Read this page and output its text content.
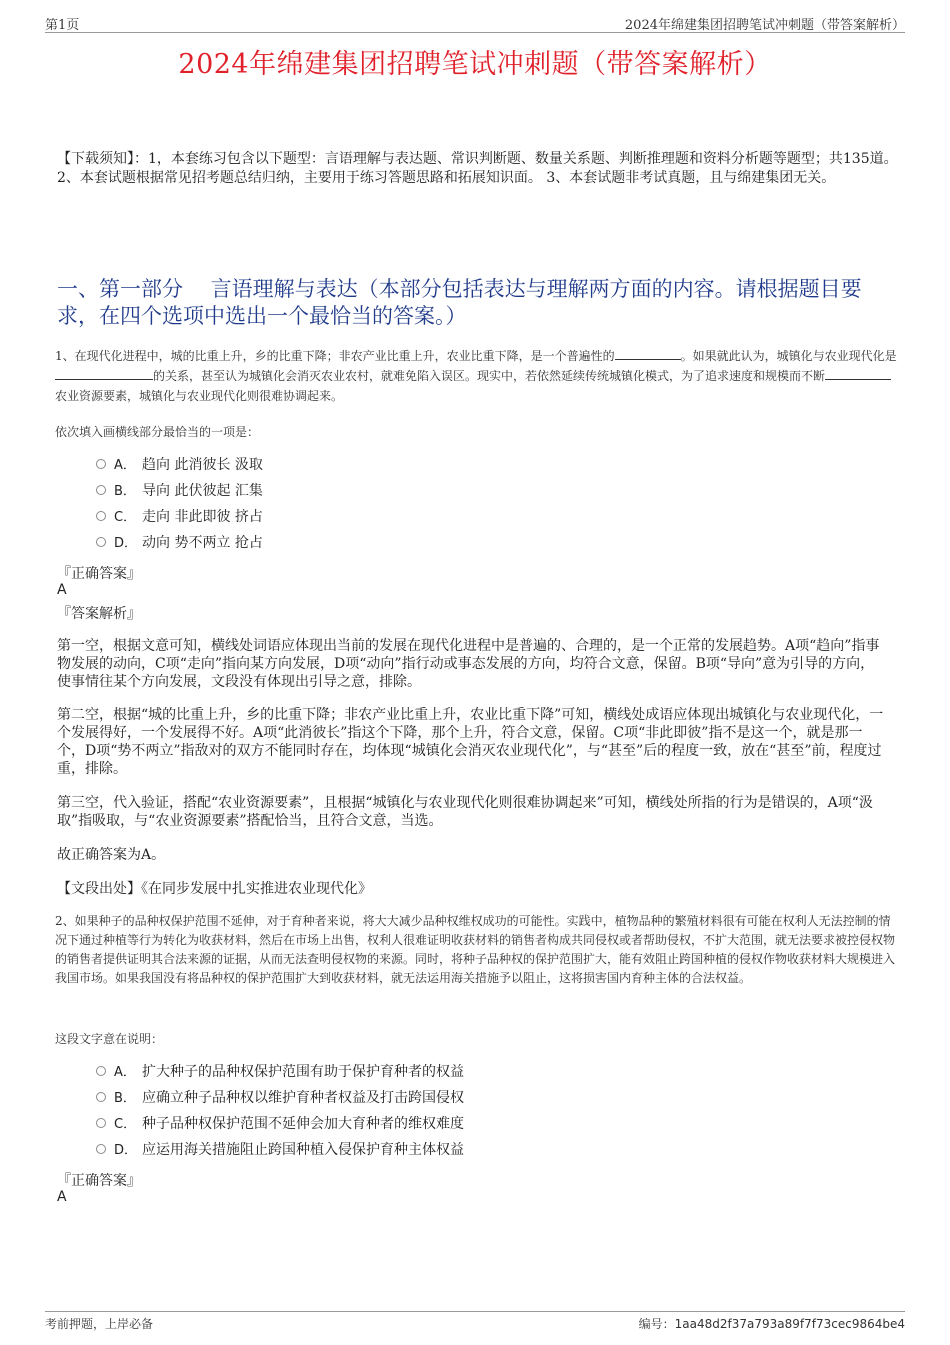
第1页	2024年绵建集团招聘笔试冲刺题（带答案解析）
2024年绵建集团招聘笔试冲刺题（带答案解析）
【下载须知】：1，本套练习包含以下题型：言语理解与表达题、常识判断题、数量关系题、判断推理题和资料分析题等题型；共135道。 2、本套试题根据常见招考题总结归纳，主要用于练习答题思路和拓展知识面。 3、本套试题非考试真题，且与绵建集团无关。
一、第一部分　 言语理解与表达（本部分包括表达与理解两方面的内容。请根据题目要求，在四个选项中选出一个最恰当的答案。）
1、在现代化进程中，城的比重上升，乡的比重下降；非农产业比重上升，农业比重下降，是一个普遍性的	。如果就此认为，城镇化与农业现代化是的关系，甚至认为城镇化会消灭农业农村，就难免陷入误区。现实中，若依然延续传统城镇化模式，为了追求速度和规模而不断农业资源要素，城镇化与农业现代化则很难协调起来。
依次填入画横线部分最恰当的一项是：
A． 趋向 此消彼长 汲取
B． 导向 此伏彼起 汇集
C． 走向 非此即彼 挤占
D． 动向 势不两立 抢占
『正确答案』
A
『答案解析』
第一空，根据文意可知，横线处词语应体现出当前的发展在现代化进程中是普遍的、合理的，是一个正常的发展趋势。A项“趋向”指事物发展的动向，C项“走向”指向某方向发展，D项“动向”指行动或事态发展的方向，均符合文意，保留。B项“导向”意为引导的方向，使事情往某个方向发展，文段没有体现出引导之意，排除。
第二空，根据“城的比重上升，乡的比重下降；非农产业比重上升，农业比重下降”可知，横线处成语应体现出城镇化与农业现代化，一个发展得好，一个发展得不好。A项“此消彼长”指这个下降，那个上升，符合文意，保留。C项“非此即彼”指不是这一个，就是那一个，D项“势不两立”指敌对的双方不能同时存在，均体现“城镇化会消灭农业现代化”，与“甚至”后的程度一致，放在“甚至”前，程度过重，排除。
第三空，代入验证，搭配“农业资源要素”，且根据“城镇化与农业现代化则很难协调起来”可知，横线处所指的行为是错误的，A项“汲取”指吸取，与“农业资源要素”搭配恰当，且符合文意，当选。
故正确答案为A。
【文段出处】《在同步发展中扎实推进农业现代化》
2、如果种子的品种权保护范围不延伸，对于育种者来说，将大大减少品种权维权成功的可能性。实践中，植物品种的繁殖材料很有可能在权利人无法控制的情况下通过种植等行为转化为收获材料，然后在市场上出售，权利人很难证明收获材料的销售者构成共同侵权或者帮助侵权，不扩大范围，就无法要求被控侵权物的销售者提供证明其合法来源的证据，从而无法查明侵权物的来源。同时，将种子品种权的保护范围扩大，能有效阻止跨国种植的侵权作物收获材料大规模进入我国市场。如果我国没有将品种权的保护范围扩大到收获材料，就无法运用海关措施予以阻止，这将损害国内育种主体的合法权益。
这段文字意在说明：
A． 扩大种子的品种权保护范围有助于保护育种者的权益
B． 应确立种子品种权以维护育种者权益及打击跨国侵权
C． 种子品种权保护范围不延伸会加大育种者的维权难度
D． 应运用海关措施阻止跨国种植入侵保护育种主体权益
『正确答案』
A
考前押题，上岸必备	编号：1aa48d2f37a793a89f7f73cec9864be4
